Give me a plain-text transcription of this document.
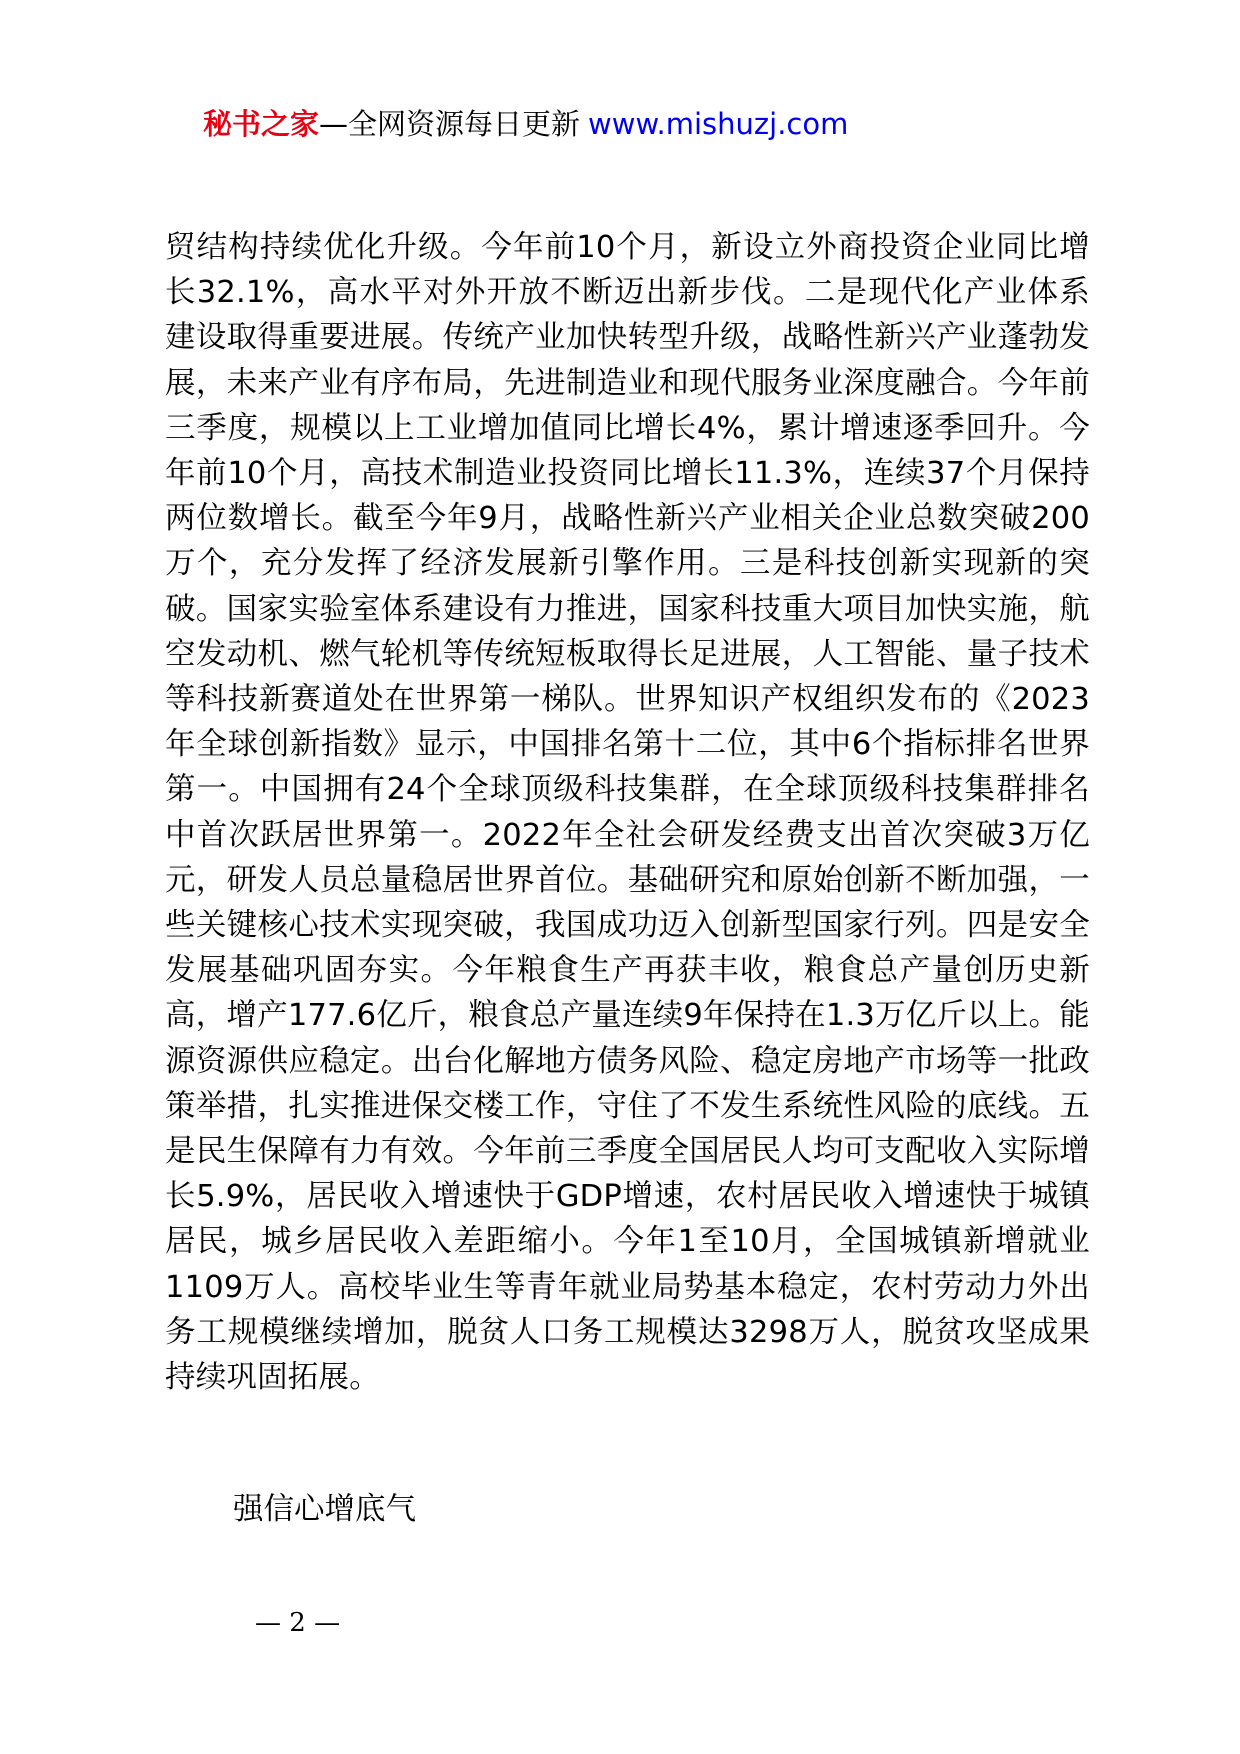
秘书之家—全网资源每日更新 www.mishuzj.com

贸结构持续优化升级。今年前10个月，新设立外商投资企业同比增长32.1%，高水平对外开放不断迈出新步伐。二是现代化产业体系建设取得重要进展。传统产业加快转型升级，战略性新兴产业蓬勃发展，未来产业有序布局，先进制造业和现代服务业深度融合。今年前三季度，规模以上工业增加值同比增长4%，累计增速逐季回升。今年前10个月，高技术制造业投资同比增长11.3%，连续37个月保持两位数增长。截至今年9月，战略性新兴产业相关企业总数突破200万个，充分发挥了经济发展新引擎作用。三是科技创新实现新的突破。国家实验室体系建设有力推进，国家科技重大项目加快实施，航空发动机、燃气轮机等传统短板取得长足进展，人工智能、量子技术等科技新赛道处在世界第一梯队。世界知识产权组织发布的《2023年全球创新指数》显示，中国排名第十二位，其中6个指标排名世界第一。中国拥有24个全球顶级科技集群，在全球顶级科技集群排名中首次跃居世界第一。2022年全社会研发经费支出首次突破3万亿元，研发人员总量稳居世界首位。基础研究和原始创新不断加强，一些关键核心技术实现突破，我国成功迈入创新型国家行列。四是安全发展基础巩固夯实。今年粮食生产再获丰收，粮食总产量创历史新高，增产177.6亿斤，粮食总产量连续9年保持在1.3万亿斤以上。能源资源供应稳定。出台化解地方债务风险、稳定房地产市场等一批政策举措，扎实推进保交楼工作，守住了不发生系统性风险的底线。五是民生保障有力有效。今年前三季度全国居民人均可支配收入实际增长5.9%，居民收入增速快于GDP增速，农村居民收入增速快于城镇居民，城乡居民收入差距缩小。今年1至10月，全国城镇新增就业1109万人。高校毕业生等青年就业局势基本稳定，农村劳动力外出务工规模继续增加，脱贫人口务工规模达3298万人，脱贫攻坚成果持续巩固拓展。

强信心增底气

— 2 —
